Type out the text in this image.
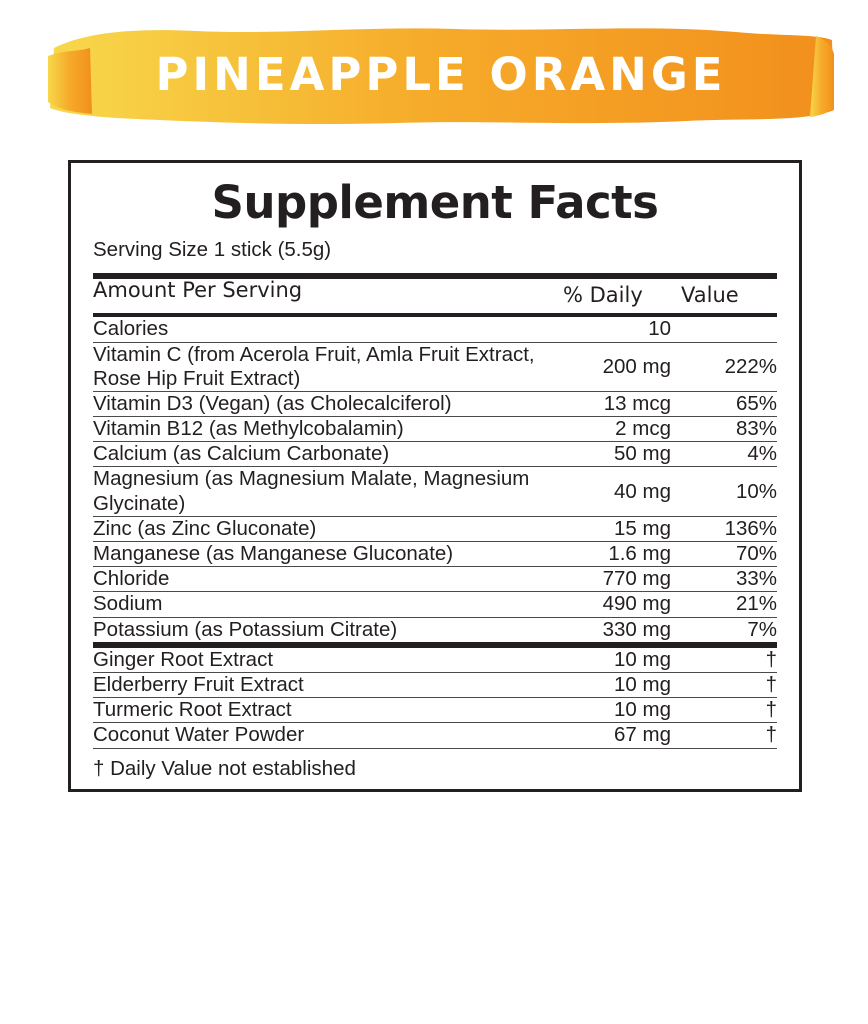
PINEAPPLE ORANGE
Supplement Facts
Serving Size 1 stick (5.5g)
Amount Per Serving	% Daily	Value
Calories	10	
Vitamin C (from Acerola Fruit, Amla Fruit Extract, Rose Hip Fruit Extract)	200 mg	222%
Vitamin D3 (Vegan) (as Cholecalciferol)	13 mcg	65%
Vitamin B12 (as Methylcobalamin)	2 mcg	83%
Calcium (as Calcium Carbonate)	50 mg	4%
Magnesium (as Magnesium Malate, Magnesium Glycinate)	40 mg	10%
Zinc (as Zinc Gluconate)	15 mg	136%
Manganese (as Manganese Gluconate)	1.6 mg	70%
Chloride	770 mg	33%
Sodium	490 mg	21%
Potassium (as Potassium Citrate)	330 mg	7%

Ginger Root Extract	10 mg	†
Elderberry Fruit Extract	10 mg	†
Turmeric Root Extract	10 mg	†
Coconut Water Powder	67 mg	†
† Daily Value not established
